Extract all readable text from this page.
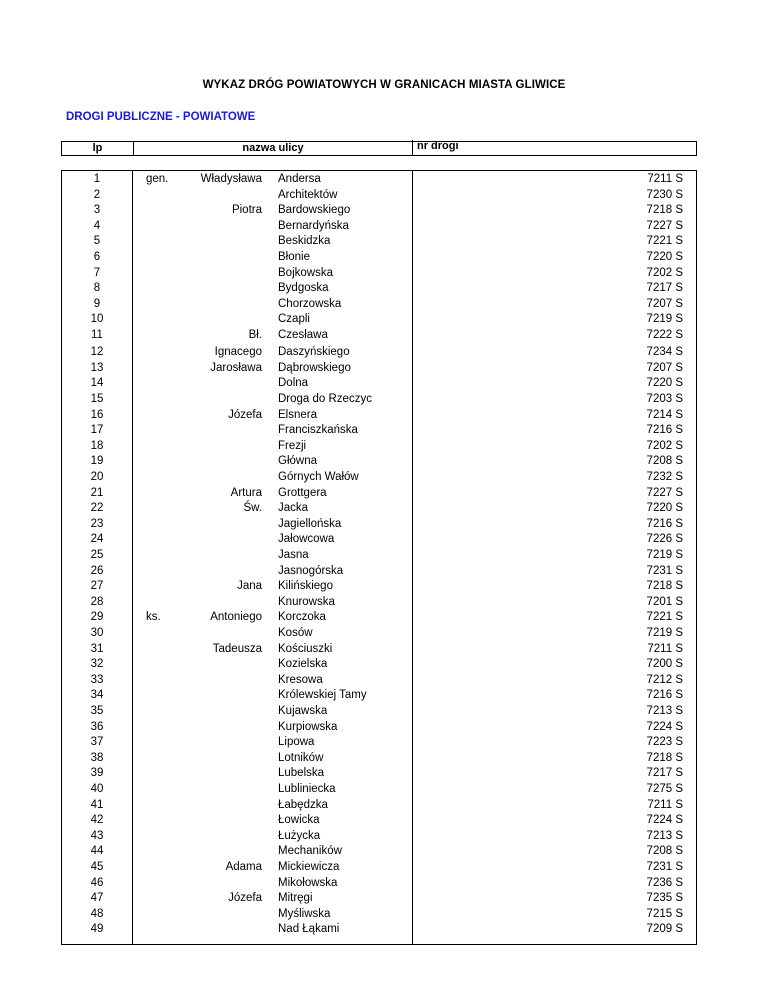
WYKAZ DRÓG POWIATOWYCH W GRANICACH MIASTA GLIWICE
DROGI PUBLICZNE - POWIATOWE
lp	nazwa ulicy	nr drogi
1	gen.	Władysława Andersa	7211 S
2	Architektów	7230 S
3	Piotra Bardowskiego	7218 S
4	Bernardyńska	7227 S
5	Beskidzka	7221 S
6	Błonie	7220 S
7	Bojkowska	7202 S
8	Bydgoska	7217 S
9	Chorzowska	7207 S
10	Czapli	7219 S
11	Bł. Czesława	7222 S
12	Ignacego Daszyńskiego	7234 S
13	Jarosława Dąbrowskiego	7207 S
14	Dolna	7220 S
15	Droga do Rzeczyc	7203 S
16	Józefa Elsnera	7214 S
17	Franciszkańska	7216 S
18	Frezji	7202 S
19	Główna	7208 S
20	Górnych Wałów	7232 S
21	Artura Grottgera	7227 S
22	Św. Jacka	7220 S
23	Jagiellońska	7216 S
24	Jałowcowa	7226 S
25	Jasna	7219 S
26	Jasnogórska	7231 S
27	Jana Kilińskiego	7218 S
28	Knurowska	7201 S
29	ks.	Antoniego Korczoka	7221 S
30	Kosów	7219 S
31	Tadeusza Kościuszki	7211 S
32	Kozielska	7200 S
33	Kresowa	7212 S
34	Królewskiej Tamy	7216 S
35	Kujawska	7213 S
36	Kurpiowska	7224 S
37	Lipowa	7223 S
38	Lotników	7218 S
39	Lubelska	7217 S
40	Lubliniecka	7275 S
41	Łabędzka	7211 S
42	Łowicka	7224 S
43	Łużycka	7213 S
44	Mechaników	7208 S
45	Adama Mickiewicza	7231 S
46	Mikołowska	7236 S
47	Józefa Mitręgi	7235 S
48	Myśliwska	7215 S
49	Nad Łąkami	7209 S
